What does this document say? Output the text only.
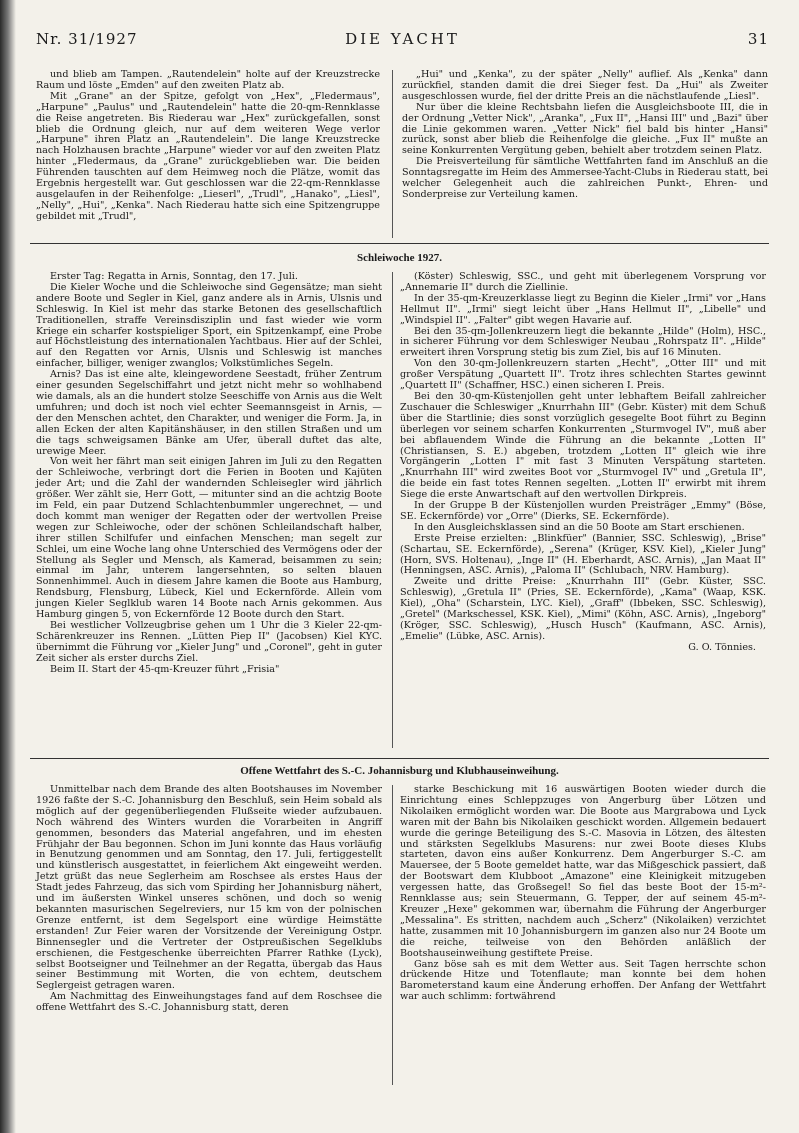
Nr. 31/1927	DIE YACHT	31

und blieb am Tampen. „Rautendelein" holte auf der Kreuzstrecke Raum und löste „Emden" auf den zweiten Platz ab.

Mit „Grane" an der Spitze, gefolgt von „Hex", „Fledermaus", „Harpune" „Paulus" und „Rautendelein" hatte die 20-qm-Rennklasse die Reise angetreten. Bis Riederau war „Hex" zurückgefallen, sonst blieb die Ordnung gleich, nur auf dem weiteren Wege verlor „Harpune" ihren Platz an „Rautendelein". Die lange Kreuzstrecke nach Holzhausen brachte „Harpune" wieder vor auf den zweiten Platz hinter „Fledermaus, da „Grane" zurückgeblieben war. Die beiden Führenden tauschten auf dem Heimweg noch die Plätze, womit das Ergebnis hergestellt war. Gut geschlossen war die 22-qm-Rennklasse ausgelaufen in der Reihenfolge: „Lieserl", „Trudl", „Hanako", „Liesl", „Nelly", „Hui", „Kenka". Nach Riederau hatte sich eine Spitzengruppe gebildet mit „Trudl",

„Hui" und „Kenka", zu der später „Nelly" auflief. Als „Kenka" dann zurückfiel, standen damit die drei Sieger fest. Da „Hui" als Zweiter ausgeschlossen wurde, fiel der dritte Preis an die nächstlaufende „Liesl".

Nur über die kleine Rechtsbahn liefen die Ausgleichsboote III, die in der Ordnung „Vetter Nick", „Aranka", „Fux II", „Hansi III" und „Bazi" über die Linie gekommen waren. „Vetter Nick" fiel bald bis hinter „Hansi" zurück, sonst aber blieb die Reihenfolge die gleiche. „Fux II" mußte an seine Konkurrenten Vergütung geben, behielt aber trotzdem seinen Platz.

Die Preisverteilung für sämtliche Wettfahrten fand im Anschluß an die Sonntagsregatte im Heim des Ammersee-Yacht-Clubs in Riederau statt, bei welcher Gelegenheit auch die zahlreichen Punkt-, Ehren- und Sonderpreise zur Verteilung kamen.

Schleiwoche 1927.

Erster Tag: Regatta in Arnis, Sonntag, den 17. Juli.

Die Kieler Woche und die Schleiwoche sind Gegensätze; man sieht andere Boote und Segler in Kiel, ganz andere als in Arnis, Ulsnis und Schleswig. In Kiel ist mehr das starke Betonen des gesellschaftlich Traditionellen, straffe Vereinsdisziplin und fast wieder wie vorm Kriege ein scharfer kostspieliger Sport, ein Spitzenkampf, eine Probe auf Höchstleistung des internationalen Yachtbaus. Hier auf der Schlei, auf den Regatten vor Arnis, Ulsnis und Schleswig ist manches einfacher, billiger, weniger zwanglos; Volkstümliches Segeln.

Arnis? Das ist eine alte, kleingewordene Seestadt, früher Zentrum einer gesunden Segelschiffahrt und jetzt nicht mehr so wohlhabend wie damals, als an die hundert stolze Seeschiffe von Arnis aus die Welt umfuhren; und doch ist noch viel echter Seemannsgeist in Arnis, — der den Menschen achtet, den Charakter, und weniger die Form. Ja, in allen Ecken der alten Kapitänshäuser, in den stillen Straßen und um die tags schweigsamen Bänke am Ufer, überall duftet das alte, urewige Meer.

Von weit her fährt man seit einigen Jahren im Juli zu den Regatten der Schleiwoche, verbringt dort die Ferien in Booten und Kajüten jeder Art; und die Zahl der wandernden Schleisegler wird jährlich größer. Wer zählt sie, Herr Gott, — mitunter sind an die achtzig Boote im Feld, ein paar Dutzend Schlachtenbummler ungerechnet, — und doch kommt man weniger der Regatten oder der wertvollen Preise wegen zur Schleiwoche, oder der schönen Schleilandschaft halber, ihrer stillen Schilfufer und einfachen Menschen; man segelt zur Schlei, um eine Woche lang ohne Unterschied des Vermögens oder der Stellung als Segler und Mensch, als Kamerad, beisammen zu sein; einmal im Jahr, unterem langersehnten, so selten blauen Sonnenhimmel. Auch in diesem Jahre kamen die Boote aus Hamburg, Rendsburg, Flensburg, Lübeck, Kiel und Eckernförde. Allein vom jungen Kieler Seglklub waren 14 Boote nach Arnis gekommen. Aus Hamburg gingen 5, von Eckernförde 12 Boote durch den Start.

Bei westlicher Vollzeugbrise gehen um 1 Uhr die 3 Kieler 22-qm-Schärenkreuzer ins Rennen. „Lütten Piep II" (Jacobsen) Kiel KYC. übernimmt die Führung vor „Kieler Jung" und „Coronel", geht in guter Zeit sicher als erster durchs Ziel.

Beim II. Start der 45-qm-Kreuzer führt „Frisia"

(Köster) Schleswig, SSC., und geht mit überlegenem Vorsprung vor „Annemarie II" durch die Ziellinie.

In der 35-qm-Kreuzerklasse liegt zu Beginn die Kieler „Irmi" vor „Hans Hellmut II". „Irmi" siegt leicht über „Hans Hellmut II", „Libelle" und „Windspiel II". „Falter" gibt wegen Havarie auf.

Bei den 35-qm-Jollenkreuzern liegt die bekannte „Hilde" (Holm), HSC., in sicherer Führung vor dem Schleswiger Neubau „Rohrspatz II". „Hilde" erweitert ihren Vorsprung stetig bis zum Ziel, bis auf 16 Minuten.

Von den 30-qm-Jollenkreuzern starten „Hecht", „Otter III" und mit großer Verspätung „Quartett II". Trotz ihres schlechten Startes gewinnt „Quartett II" (Schaffner, HSC.) einen sicheren I. Preis.

Bei den 30-qm-Küstenjollen geht unter lebhaftem Beifall zahlreicher Zuschauer die Schleswiger „Knurrhahn III" (Gebr. Küster) mit dem Schuß über die Startlinie; dies sonst vorzüglich gesegelte Boot führt zu Beginn überlegen vor seinem scharfen Konkurrenten „Sturmvogel IV", muß aber bei abflauendem Winde die Führung an die bekannte „Lotten II" (Christiansen, S. E.) abgeben, trotzdem „Lotten II" gleich wie ihre Vorgängerin „Lotten I" mit fast 3 Minuten Verspätung starteten. „Knurrhahn III" wird zweites Boot vor „Sturmvogel IV" und „Gretula II", die beide ein fast totes Rennen segelten. „Lotten II" erwirbt mit ihrem Siege die erste Anwartschaft auf den wertvollen Dirkpreis.

In der Gruppe B der Küstenjollen wurden Preisträger „Emmy" (Böse, SE. Eckernförde) vor „Orre" (Dierks, SE. Eckernförde).

In den Ausgleichsklassen sind an die 50 Boote am Start erschienen.

Erste Preise erzielten: „Blinkfüer" (Bannier, SSC. Schleswig), „Brise" (Schartau, SE. Eckernförde), „Serena" (Krüger, KSV. Kiel), „Kieler Jung" (Horn, SVS. Holtenau), „Inge II" (H. Eberhardt, ASC. Arnis), „Jan Maat II" (Henningsen, ASC. Arnis), „Paloma II" (Schlubach, NRV. Hamburg).

Zweite und dritte Preise: „Knurrhahn III" (Gebr. Küster, SSC. Schleswig), „Gretula II" (Pries, SE. Eckernförde), „Kama" (Waap, KSK. Kiel), „Oha" (Scharstein, LYC. Kiel), „Graff" (Ibbeken, SSC. Schleswig), „Gretel" (Markschessel, KSK. Kiel), „Mimi" (Köhn, ASC. Arnis), „Ingeborg" (Kröger, SSC. Schleswig), „Husch Husch" (Kaufmann, ASC. Arnis), „Emelie" (Lübke, ASC. Arnis).

G. O. Tönnies.

Offene Wettfahrt des S.-C. Johannisburg und Klubhauseinweihung.

Unmittelbar nach dem Brande des alten Bootshauses im November 1926 faßte der S.-C. Johannisburg den Beschluß, sein Heim sobald als möglich auf der gegenüberliegenden Flußseite wieder aufzubauen. Noch während des Winters wurden die Vorarbeiten in Angriff genommen, besonders das Material angefahren, und im ehesten Frühjahr der Bau begonnen. Schon im Juni konnte das Haus vorläufig in Benutzung genommen und am Sonntag, den 17. Juli, fertiggestellt und künstlerisch ausgestattet, in feierlichem Akt eingeweiht werden. Jetzt grüßt das neue Seglerheim am Roschsee als erstes Haus der Stadt jedes Fahrzeug, das sich vom Spirding her Johannisburg nähert, und im äußersten Winkel unseres schönen, und doch so wenig bekannten masurischen Segelreviers, nur 15 km von der polnischen Grenze entfernt, ist dem Segelsport eine würdige Heimstätte erstanden! Zur Feier waren der Vorsitzende der Vereinigung Ostpr. Binnensegler und die Vertreter der Ostpreußischen Segelklubs erschienen, die Festgeschenke überreichten Pfarrer Rathke (Lyck), selbst Bootseigner und Teilnehmer an der Regatta, übergab das Haus seiner Bestimmung mit Worten, die von echtem, deutschem Seglergeist getragen waren.

Am Nachmittag des Einweihungstages fand auf dem Roschsee die offene Wettfahrt des S.-C. Johannisburg statt, deren

starke Beschickung mit 16 auswärtigen Booten wieder durch die Einrichtung eines Schleppzuges von Angerburg über Lötzen und Nikolaiken ermöglicht worden war. Die Boote aus Margrabowa und Lyck waren mit der Bahn bis Nikolaiken geschickt worden. Allgemein bedauert wurde die geringe Beteiligung des S.-C. Masovia in Lötzen, des ältesten und stärksten Segelklubs Masurens: nur zwei Boote dieses Klubs starteten, davon eins außer Konkurrenz. Dem Angerburger S.-C. am Mauersee, der 5 Boote gemeldet hatte, war das Mißgeschick passiert, daß der Bootswart dem Klubboot „Amazone" eine Kleinigkeit mitzugeben vergessen hatte, das Großsegel! So fiel das beste Boot der 15-m²-Rennklasse aus; sein Steuermann, G. Tepper, der auf seinem 45-m²-Kreuzer „Hexe" gekommen war, übernahm die Führung der Angerburger „Messalina". Es stritten, nachdem auch „Scherz" (Nikolaiken) verzichtet hatte, zusammen mit 10 Johannisburgern im ganzen also nur 24 Boote um die reiche, teilweise von den Behörden anläßlich der Bootshauseinweihung gestiftete Preise.

Ganz böse sah es mit dem Wetter aus. Seit Tagen herrschte schon drückende Hitze und Totenflaute; man konnte bei dem hohen Barometerstand kaum eine Änderung erhoffen. Der Anfang der Wettfahrt war auch schlimm: fortwährend
